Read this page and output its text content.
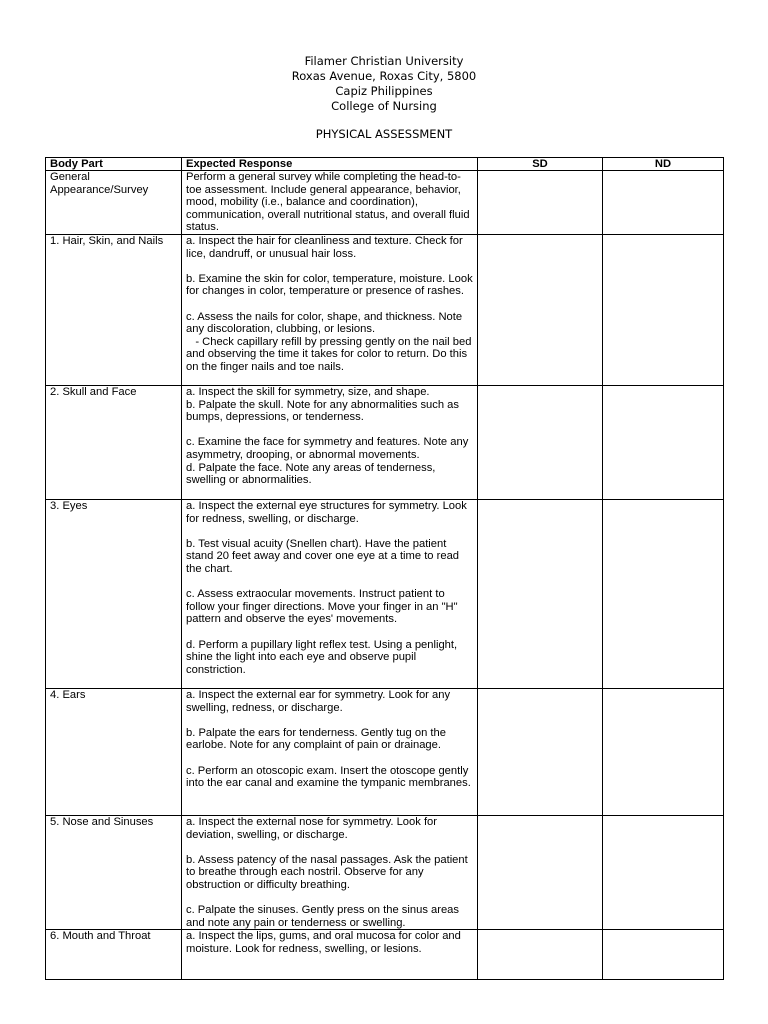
Filamer Christian University
Roxas Avenue, Roxas City, 5800
Capiz Philippines
College of Nursing
PHYSICAL ASSESSMENT
Body Part	Expected Response	SD	ND
General Appearance/Survey	Perform a general survey while completing the head-to-toe assessment. Include general appearance, behavior, mood, mobility (i.e., balance and coordination), communication, overall nutritional status, and overall fluid status.		

1. Hair, Skin, and Nails	a. Inspect the hair for cleanliness and texture. Check for lice, dandruff, or unusual hair loss.
b. Examine the skin for color, temperature, moisture. Look for changes in color, temperature or presence of rashes.
c. Assess the nails for color, shape, and thickness. Note any discoloration, clubbing, or lesions.
- Check capillary refill by pressing gently on the nail bed and observing the time it takes for color to return. Do this on the finger nails and toe nails.		

2. Skull and Face	a. Inspect the skill for symmetry, size, and shape.
b. Palpate the skull. Note for any abnormalities such as bumps, depressions, or tenderness.
c. Examine the face for symmetry and features. Note any asymmetry, drooping, or abnormal movements.
d. Palpate the face. Note any areas of tenderness, swelling or abnormalities.		

3. Eyes	a. Inspect the external eye structures for symmetry. Look for redness, swelling, or discharge.
b. Test visual acuity (Snellen chart). Have the patient stand 20 feet away and cover one eye at a time to read the chart.
c. Assess extraocular movements. Instruct patient to follow your finger directions. Move your finger in an "H" pattern and observe the eyes' movements.
d. Perform a pupillary light reflex test. Using a penlight, shine the light into each eye and observe pupil constriction.		

4. Ears	a. Inspect the external ear for symmetry. Look for any swelling, redness, or discharge.
b. Palpate the ears for tenderness. Gently tug on the earlobe. Note for any complaint of pain or drainage.
c. Perform an otoscopic exam. Insert the otoscope gently into the ear canal and examine the tympanic membranes.		

5. Nose and Sinuses	a. Inspect the external nose for symmetry. Look for deviation, swelling, or discharge.
b. Assess patency of the nasal passages. Ask the patient to breathe through each nostril. Observe for any obstruction or difficulty breathing.
c. Palpate the sinuses. Gently press on the sinus areas and note any pain or tenderness or swelling.		

6. Mouth and Throat	a. Inspect the lips, gums, and oral mucosa for color and moisture. Look for redness, swelling, or lesions.		
